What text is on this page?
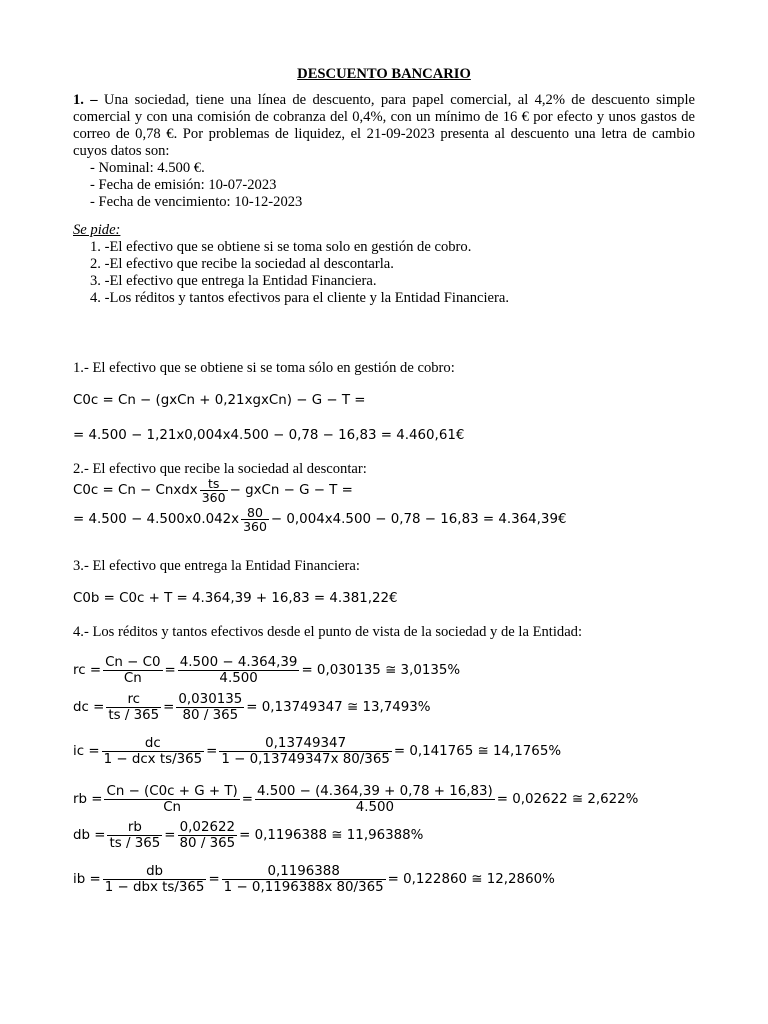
DESCUENTO BANCARIO

1. – Una sociedad, tiene una línea de descuento, para papel comercial, al 4,2% de descuento simple comercial y con una comisión de cobranza del 0,4%, con un mínimo de 16 € por efecto y unos gastos de correo de 0,78 €. Por problemas de liquidez, el 21-09-2023 presenta al descuento una letra de cambio cuyos datos son:

- Nominal: 4.500 €.
- Fecha de emisión: 10-07-2023
- Fecha de vencimiento: 10-12-2023
Se pide:
1. -El efectivo que se obtiene si se toma solo en gestión de cobro.
2. -El efectivo que recibe la sociedad al descontarla.
3. -El efectivo que entrega la Entidad Financiera.
4. -Los réditos y tantos efectivos para el cliente y la Entidad Financiera.
1.- El efectivo que se obtiene si se toma sólo en gestión de cobro:
C0c = Cn − (gxCn + 0,21xgxCn) − G − T =
= 4.500 − 1,21x0,004x4.500 − 0,78 − 16,83 = 4.460,61€
2.- El efectivo que recibe la sociedad al descontar:
C0c = Cn − Cnxdx $\frac{ts}{360}$ − gxCn − G − T =
= $4.500 - 4.500x0.042x \frac{80}{360} - 0,004x4.500 - 0,78 - 16,83$ = 4.364,39€
3.- El efectivo que entrega la Entidad Financiera:
C0b = C0c + T = 4.364,39 + 16,83 = 4.381,22€
4.- Los réditos y tantos efectivos desde el punto de vista de la sociedad y de la Entidad:
rc = $\frac{Cn - C0}{Cn} = \frac{4.500 - 4.364,39}{4.500} = 0,030135$ ≅ 3,0135%
dc = $\frac{rc}{ts / 365} = \frac{0,030135}{80 / 365} = 0,13749347$ ≅ 13,7493%
ic = $\frac{dc}{\text{1 − dcx ts/365}} = \frac{0,13749347}{1 - 0,13749347x 80/365} = 0,141765$ ≅ 14,1765%
rb = $\frac{Cn - (C0c + G + T)}{Cn} = \frac{4.500 - (4.364,39 + 0,78 + 16,83)}{4.500} = 0,02622$ ≅ 2,622%
db = $\frac{rb}{ts / 365} = \frac{0,02622}{80 / 365} = 0,1196388$ ≅ 11,96388%
ib = $\frac{db}{\text{1 − dbx ts/365}} = \frac{0,1196388}{1 - 0,1196388x 80/365} = 0,122860$ ≅ 12,2860%
